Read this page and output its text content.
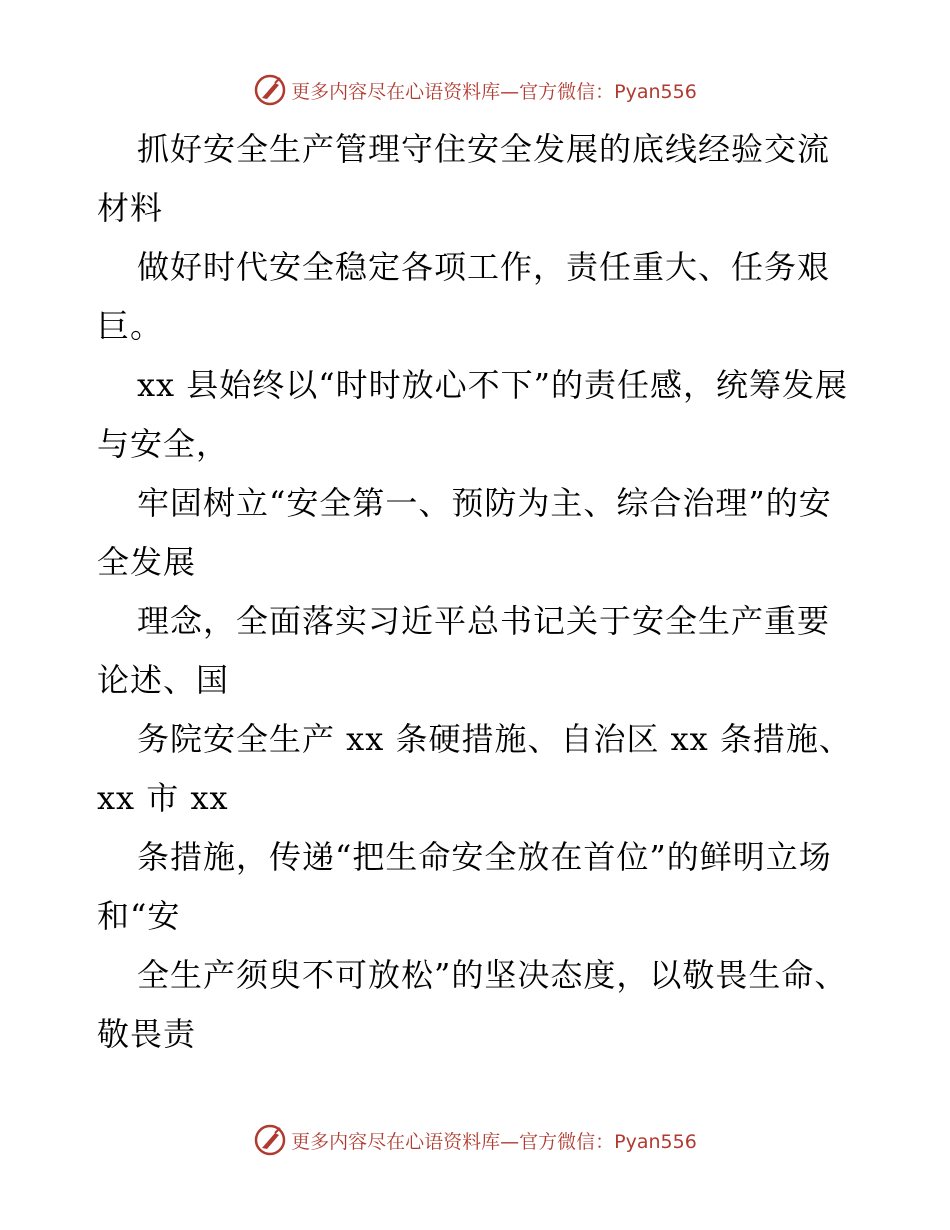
更多内容尽在心语资料库—官方微信：Pyan556

抓好安全生产管理守住安全发展的底线经验交流材料

做好时代安全稳定各项工作，责任重大、任务艰巨。

xx 县始终以“时时放心不下”的责任感，统筹发展与安全，

牢固树立“安全第一、预防为主、综合治理”的安全发展

理念，全面落实习近平总书记关于安全生产重要论述、国

务院安全生产 xx 条硬措施、自治区 xx 条措施、xx 市 xx

条措施，传递“把生命安全放在首位”的鲜明立场和“安

全生产须臾不可放松”的坚决态度，以敬畏生命、敬畏责

更多内容尽在心语资料库—官方微信：Pyan556
